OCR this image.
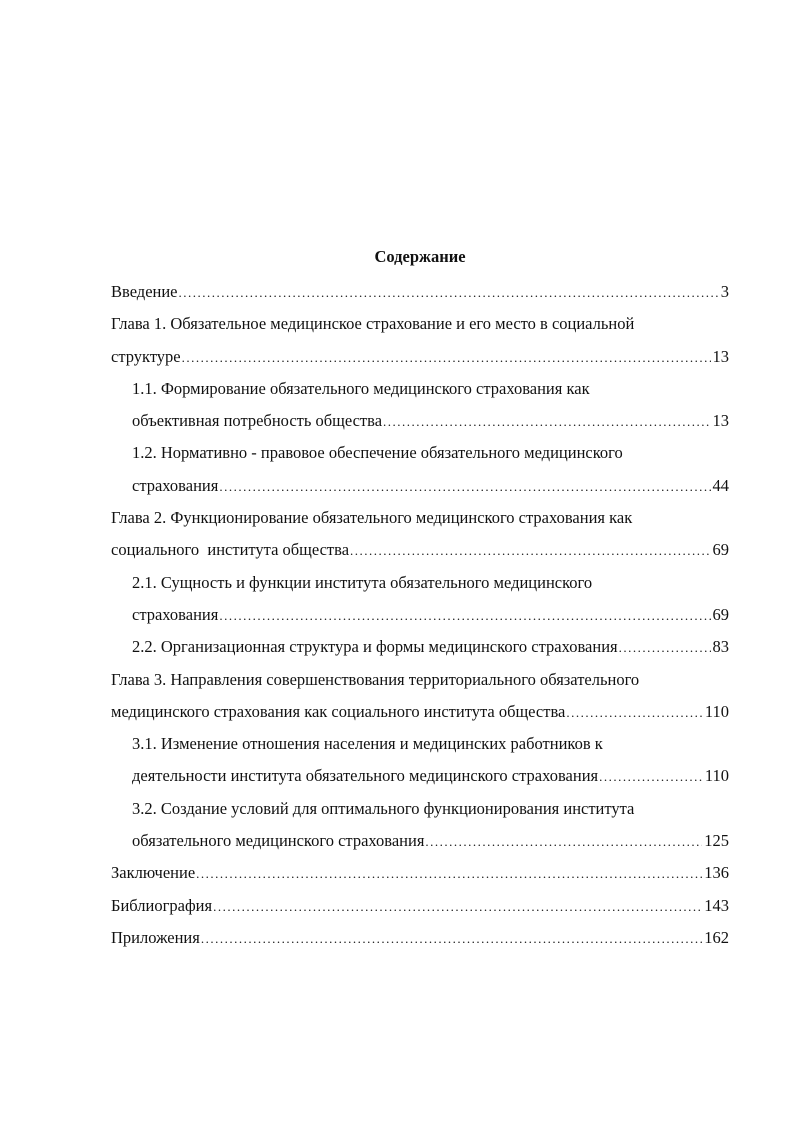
Содержание
Введение .....	3
Глава 1. Обязательное медицинское страхование и его место в социальной
структуре .....	13
1.1. Формирование обязательного медицинского страхования как
объективная потребность общества .....	13
1.2. Нормативно - правовое обеспечение обязательного медицинского
страхования .....	44
Глава 2. Функционирование обязательного медицинского страхования как
социального  института общества .....	69
2.1. Сущность и функции института обязательного медицинского
страхования .....	69
2.2. Организационная структура и формы медицинского страхования .....	83
Глава 3. Направления совершенствования территориального обязательного
медицинского страхования как социального института общества .....	110
3.1. Изменение отношения населения и медицинских работников к
деятельности института обязательного медицинского страхования .....	110
3.2. Создание условий для оптимального функционирования института
обязательного медицинского страхования .....	125
Заключение .....	136
Библиография .....	143
Приложения .....	162
